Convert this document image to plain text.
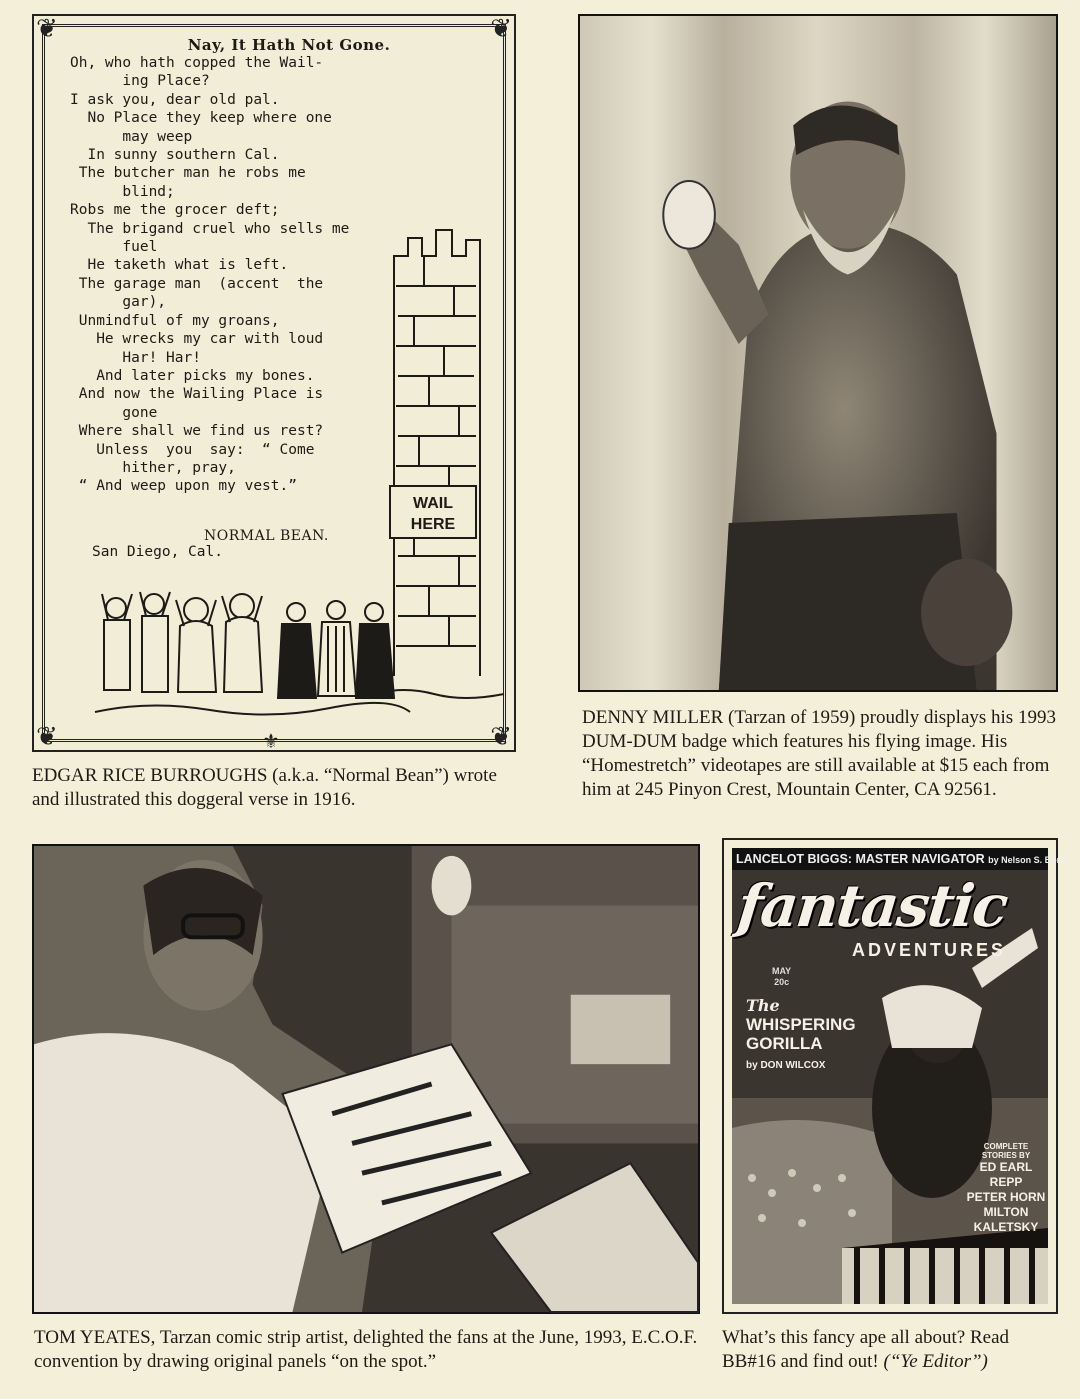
❦	❦
❦	❦
⚜
Nay, It Hath Not Gone.
Oh, who hath copped the Wail-
ing Place?
I ask you, dear old pal.
No Place they keep where one
may weep
In sunny southern Cal.
The butcher man he robs me
blind;
Robs me the grocer deft;
The brigand cruel who sells me
fuel
He taketh what is left.
The garage man  (accent  the
gar),
Unmindful of my groans,
He wrecks my car with loud
Har! Har!
And later picks my bones.
And now the Wailing Place is
gone
Where shall we find us rest?
Unless  you  say:  “ Come
hither, pray,
“ And weep upon my vest.”
NORMAL BEAN.
San Diego, Cal.
WAIL
HERE
EDGAR RICE BURROUGHS (a.k.a. “Normal Bean”) wrote and illustrated this doggeral verse in 1916.
DENNY MILLER (Tarzan of 1959) proudly displays his 1993 DUM-DUM badge which features his flying image. His “Homestretch” videotapes are still available at $15 each from him at 245 Pinyon Crest, Mountain Center, CA 92561.
TOM YEATES, Tarzan comic strip artist, delighted the fans at the June, 1993, E.C.O.F. convention by drawing original panels “on the spot.”
LANCELOT BIGGS: MASTER NAVIGATOR by Nelson S. Bond
fantastic
ADVENTURES
MAY
20c
The
WHISPERING
GORILLA
by DON WILCOX
COMPLETE
STORIES BY
ED EARL REPP
PETER HORN
MILTON KALETSKY
What’s this fancy ape all about? Read BB#16 and find out! (“Ye Editor”)
